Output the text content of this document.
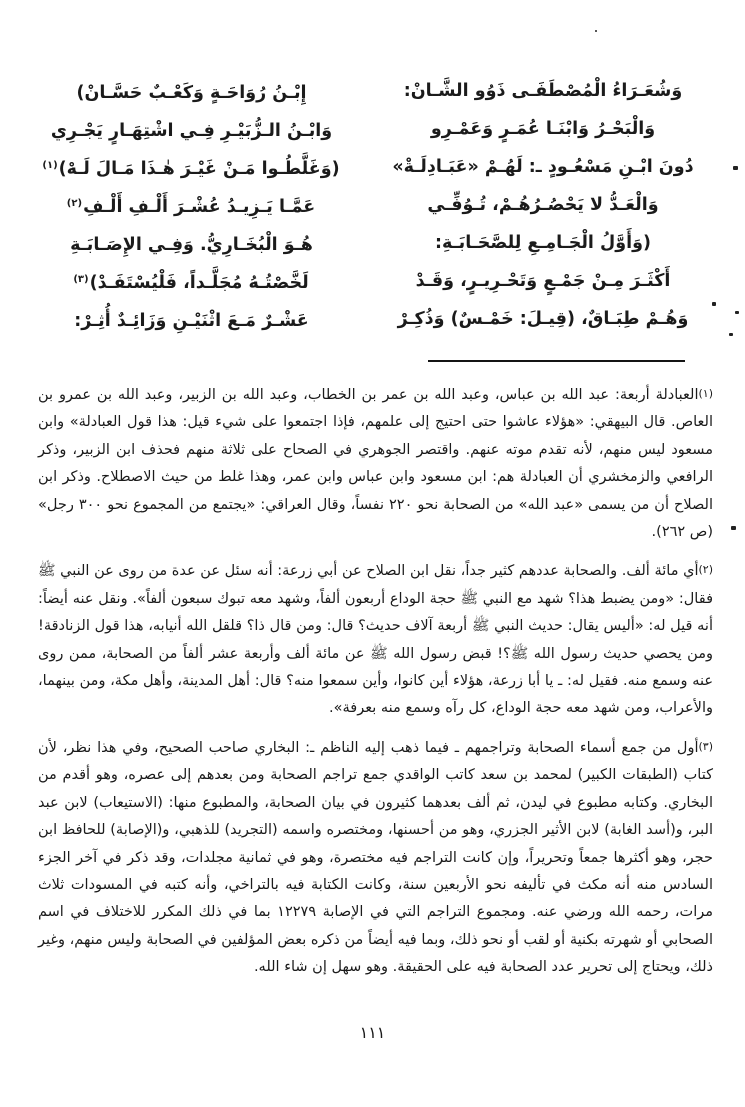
وَشُعَـرَاءُ الْمُصْطَفَـى ذَوُو الشَّـانْ:
إِبْـنُ رُوَاحَـةٍ وَكَعْـبٌ حَسَّـانْ)
وَالْبَحْـرُ وَابْنَـا عُمَـرٍ وَعَمْـرِو
وَابْـنُ الـزُّبَيْـرِ فِـي اشْتِهَـارٍ يَجْـرِي
دُونَ ابْـنِ مَسْعُـودٍ ـ: لَهُـمْ «عَبَـادِلَـةْ»
(وَغَلَّطُـوا مَـنْ غَيْـرَ هٰـذَا مَـالَ لَـهْ)$^{(١)}$
وَالْعَـدُّ لا يَحْصُـرُهُـمْ، تُـوُفِّـي
عَمَّـا يَـزِيـدُ عُشْـرَ أَلْـفِ أَلْـفِ$^{(٢)}$
(وَأَوَّلُ الْجَـامِـعِ لِلصَّحَـابَـةِ:
هُـوَ الْبُخَـارِيُّ. وَفِـي الإِصَـابَـةِ
أَكْثَـرَ مِـنْ جَمْـعٍ وَتَحْـرِيـرٍ، وَقَـدْ
لَخَّصْتُـهُ مُجَلَّـداً، فَلْيُسْتَفَـدْ)$^{(٣)}$
وَهُـمْ طِبَـاقٌ، (قِيـلَ: خَمْـسٌ) وَذُكِـرْ
عَشْـرٌ مَـعَ اثْنَيْـنِ وَزَائِـدٌ أُثِـرْ:

(١)العبادلة أربعة: عبد الله بن عباس، وعبد الله بن عمر بن الخطاب، وعبد الله بن الزبير، وعبد الله بن عمرو بن العاص. قال البيهقي: «هؤلاء عاشوا حتى احتيج إلى علمهم، فإذا اجتمعوا على شيء قيل: هذا قول العبادلة» وابن مسعود ليس منهم، لأنه تقدم موته عنهم. واقتصر الجوهري في الصحاح على ثلاثة منهم فحذف ابن الزبير، وذكر الرافعي والزمخشري أن العبادلة هم: ابن مسعود وابن عباس وابن عمر، وهذا غلط من حيث الاصطلاح. وذكر ابن الصلاح أن من يسمى «عبد الله» من الصحابة نحو ٢٢٠ نفساً، وقال العراقي: «يجتمع من المجموع نحو ٣٠٠ رجل» (ص ٢٦٢).

(٢)أي مائة ألف. والصحابة عددهم كثير جداً، نقل ابن الصلاح عن أبي زرعة: أنه سئل عن عدة من روى عن النبي ﷺ فقال: «ومن يضبط هذا؟ شهد مع النبي ﷺ حجة الوداع أربعون ألفاً، وشهد معه تبوك سبعون ألفاً». ونقل عنه أيضاً: أنه قيل له: «أليس يقال: حديث النبي ﷺ أربعة آلاف حديث؟ قال: ومن قال ذا؟ قلقل الله أنيابه، هذا قول الزنادقة! ومن يحصي حديث رسول الله ﷺ؟! قبض رسول الله ﷺ عن مائة ألف وأربعة عشر ألفاً من الصحابة، ممن روى عنه وسمع منه. فقيل له: ـ يا أبا زرعة، هؤلاء أين كانوا، وأين سمعوا منه؟ قال: أهل المدينة، وأهل مكة، ومن بينهما، والأعراب، ومن شهد معه حجة الوداع، كل رآه وسمع منه بعرفة».

(٣)أول من جمع أسماء الصحابة وتراجمهم ـ فيما ذهب إليه الناظم ـ: البخاري صاحب الصحيح، وفي هذا نظر، لأن كتاب (الطبقات الكبير) لمحمد بن سعد كاتب الواقدي جمع تراجم الصحابة ومن بعدهم إلى عصره، وهو أقدم من البخاري. وكتابه مطبوع في ليدن، ثم ألف بعدهما كثيرون في بيان الصحابة، والمطبوع منها: (الاستيعاب) لابن عبد البر، و(أسد الغابة) لابن الأثير الجزري، وهو من أحسنها، ومختصره واسمه (التجريد) للذهبي، و(الإصابة) للحافظ ابن حجر، وهو أكثرها جمعاً وتحريراً، وإن كانت التراجم فيه مختصرة، وهو في ثمانية مجلدات، وقد ذكر في آخر الجزء السادس منه أنه مكث في تأليفه نحو الأربعين سنة، وكانت الكتابة فيه بالتراخي، وأنه كتبه في المسودات ثلاث مرات، رحمه الله ورضي عنه. ومجموع التراجم التي في الإصابة ١٢٢٧٩ بما في ذلك المكرر للاختلاف في اسم الصحابي أو شهرته بكنية أو لقب أو نحو ذلك، وبما فيه أيضاً من ذكره بعض المؤلفين في الصحابة وليس منهم، وغير ذلك، ويحتاج إلى تحرير عدد الصحابة فيه على الحقيقة. وهو سهل إن شاء الله.

١١١
